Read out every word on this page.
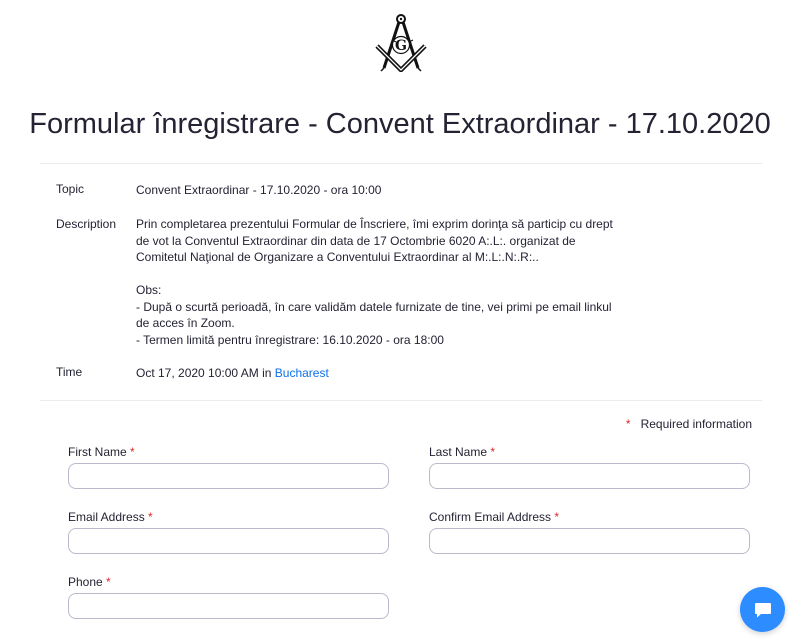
G
Formular înregistrare - Convent Extraordinar - 17.10.2020
Topic	Convent Extraordinar - 17.10.2020 - ora 10:00
Description Prin completarea prezentului Formular de Înscriere, îmi exprim dorinţa să particip cu drept
de vot la Conventul Extraordinar din data de 17 Octombrie 6020 A:.L:. organizat de
Comitetul Naţional de Organizare a Conventului Extraordinar al M:.L:.N:.R:..
Obs:
- După o scurtă perioadă, în care validăm datele furnizate de tine, vei primi pe email linkul
de acces în Zoom.
- Termen limită pentru înregistrare: 16.10.2020 - ora 18:00
Time	Oct 17, 2020 10:00 AM in Bucharest
* Required information
First Name *	Last Name *
Email Address *	Confirm Email Address *
Phone *
